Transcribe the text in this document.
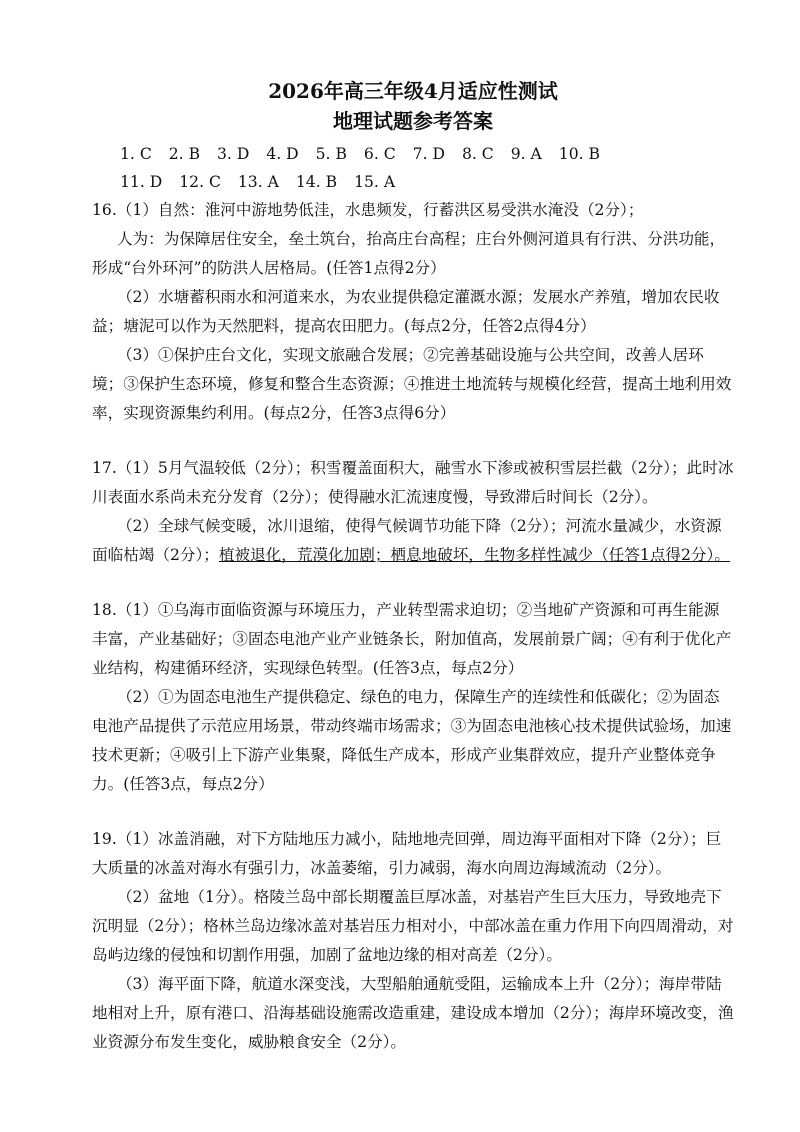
2026年高三年级4月适应性测试

地理试题参考答案

1. C 2. B 3. D 4. D 5. B 6. C 7. D 8. C 9. A 10. B
11. D 12. C 13. A 14. B 15. A

16.（1）自然：淮河中游地势低洼，水患频发，行蓄洪区易受洪水淹没（2分）；

人为：为保障居住安全，垒土筑台，抬高庄台高程；庄台外侧河道具有行洪、分洪功能，形成“台外环河”的防洪人居格局。(任答1点得2分）

（2）水塘蓄积雨水和河道来水，为农业提供稳定灌溉水源；发展水产养殖，增加农民收益；塘泥可以作为天然肥料，提高农田肥力。(每点2分，任答2点得4分）

（3）①保护庄台文化，实现文旅融合发展；②完善基础设施与公共空间，改善人居环境；③保护生态环境，修复和整合生态资源；④推进土地流转与规模化经营，提高土地利用效率，实现资源集约利用。(每点2分，任答3点得6分）

17.（1）5月气温较低（2分）；积雪覆盖面积大，融雪水下渗或被积雪层拦截（2分）；此时冰川表面水系尚未充分发育（2分）；使得融水汇流速度慢，导致滞后时间长（2分）。

（2）全球气候变暖，冰川退缩，使得气候调节功能下降（2分）；河流水量减少，水资源面临枯竭（2分）；植被退化，荒漠化加剧；栖息地破坏，生物多样性减少（任答1点得2分）。

18.（1）①乌海市面临资源与环境压力，产业转型需求迫切；②当地矿产资源和可再生能源丰富，产业基础好；③固态电池产业产业链条长，附加值高，发展前景广阔；④有利于优化产业结构，构建循环经济，实现绿色转型。(任答3点，每点2分）

（2）①为固态电池生产提供稳定、绿色的电力，保障生产的连续性和低碳化；②为固态电池产品提供了示范应用场景，带动终端市场需求；③为固态电池核心技术提供试验场，加速技术更新；④吸引上下游产业集聚，降低生产成本，形成产业集群效应，提升产业整体竞争力。(任答3点，每点2分）

19.（1）冰盖消融，对下方陆地压力减小，陆地地壳回弹，周边海平面相对下降（2分）；巨大质量的冰盖对海水有强引力，冰盖萎缩，引力减弱，海水向周边海域流动（2分）。

（2）盆地（1分）。格陵兰岛中部长期覆盖巨厚冰盖，对基岩产生巨大压力，导致地壳下沉明显（2分）；格林兰岛边缘冰盖对基岩压力相对小，中部冰盖在重力作用下向四周滑动，对岛屿边缘的侵蚀和切割作用强，加剧了盆地边缘的相对高差（2分）。

（3）海平面下降，航道水深变浅，大型船舶通航受阻，运输成本上升（2分）；海岸带陆地相对上升，原有港口、沿海基础设施需改造重建，建设成本增加（2分）；海岸环境改变，渔业资源分布发生变化，威胁粮食安全（2分）。
